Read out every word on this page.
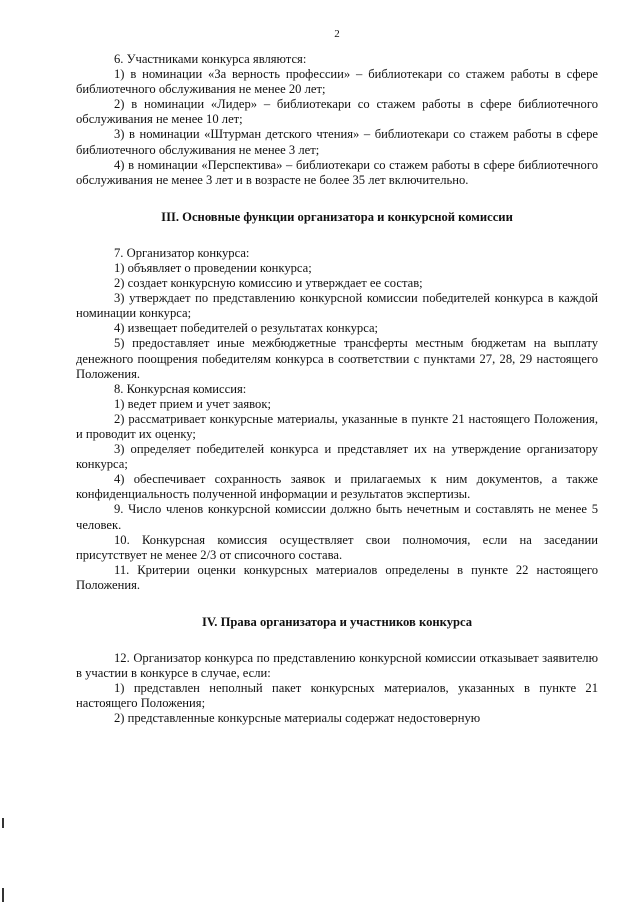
2

6. Участниками конкурса являются:

1) в номинации «За верность профессии» – библиотекари со стажем работы в сфере библиотечного обслуживания не менее 20 лет;

2) в номинации «Лидер» – библиотекари со стажем работы в сфере библиотечного обслуживания не менее 10 лет;

3) в номинации «Штурман детского чтения» – библиотекари со стажем работы в сфере библиотечного обслуживания не менее 3 лет;

4) в номинации «Перспектива» – библиотекари со стажем работы в сфере библиотечного обслуживания не менее 3 лет и в возрасте не более 35 лет включительно.

III. Основные функции организатора и конкурсной комиссии

7. Организатор конкурса:

1) объявляет о проведении конкурса;

2) создает конкурсную комиссию и утверждает ее состав;

3) утверждает по представлению конкурсной комиссии победителей конкурса в каждой номинации конкурса;

4) извещает победителей о результатах конкурса;

5) предоставляет иные межбюджетные трансферты местным бюджетам на выплату денежного поощрения победителям конкурса в соответствии с пунктами 27, 28, 29 настоящего Положения.

8. Конкурсная комиссия:

1) ведет прием и учет заявок;

2) рассматривает конкурсные материалы, указанные в пункте 21 настоящего Положения, и проводит их оценку;

3) определяет победителей конкурса и представляет их на утверждение организатору конкурса;

4) обеспечивает сохранность заявок и прилагаемых к ним документов, а также конфиденциальность полученной информации и результатов экспертизы.

9. Число членов конкурсной комиссии должно быть нечетным и составлять не менее 5 человек.

10. Конкурсная комиссия осуществляет свои полномочия, если на заседании присутствует не менее 2/3 от списочного состава.

11. Критерии оценки конкурсных материалов определены в пункте 22 настоящего Положения.

IV. Права организатора и участников конкурса

12. Организатор конкурса по представлению конкурсной комиссии отказывает заявителю в участии в конкурсе в случае, если:

1) представлен неполный пакет конкурсных материалов, указанных в пункте 21 настоящего Положения;

2) представленные конкурсные материалы содержат недостоверную
